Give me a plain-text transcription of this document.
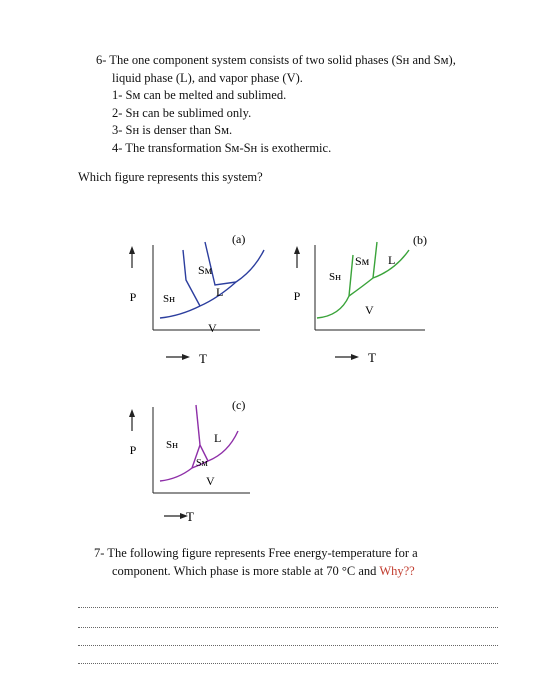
6- The one component system consists of two solid phases (Sʜ and Sᴍ),
liquid phase (L), and vapor phase (V).
1- Sᴍ can be melted and sublimed.
2- Sʜ can be sublimed only.
3- Sʜ is denser than Sᴍ.
4- The transformation Sᴍ-Sʜ is exothermic.
Which figure represents this system?
P
T
Sᴍ
Sʜ	L
V
(a)
P
T
Sᴍ
Sʜ
L
V
(b)
P
T
Sᴍ
Sʜ	L
V
(c)
7- The following figure represents Free energy-temperature for a
component. Which phase is more stable at 70 °C and Why??
